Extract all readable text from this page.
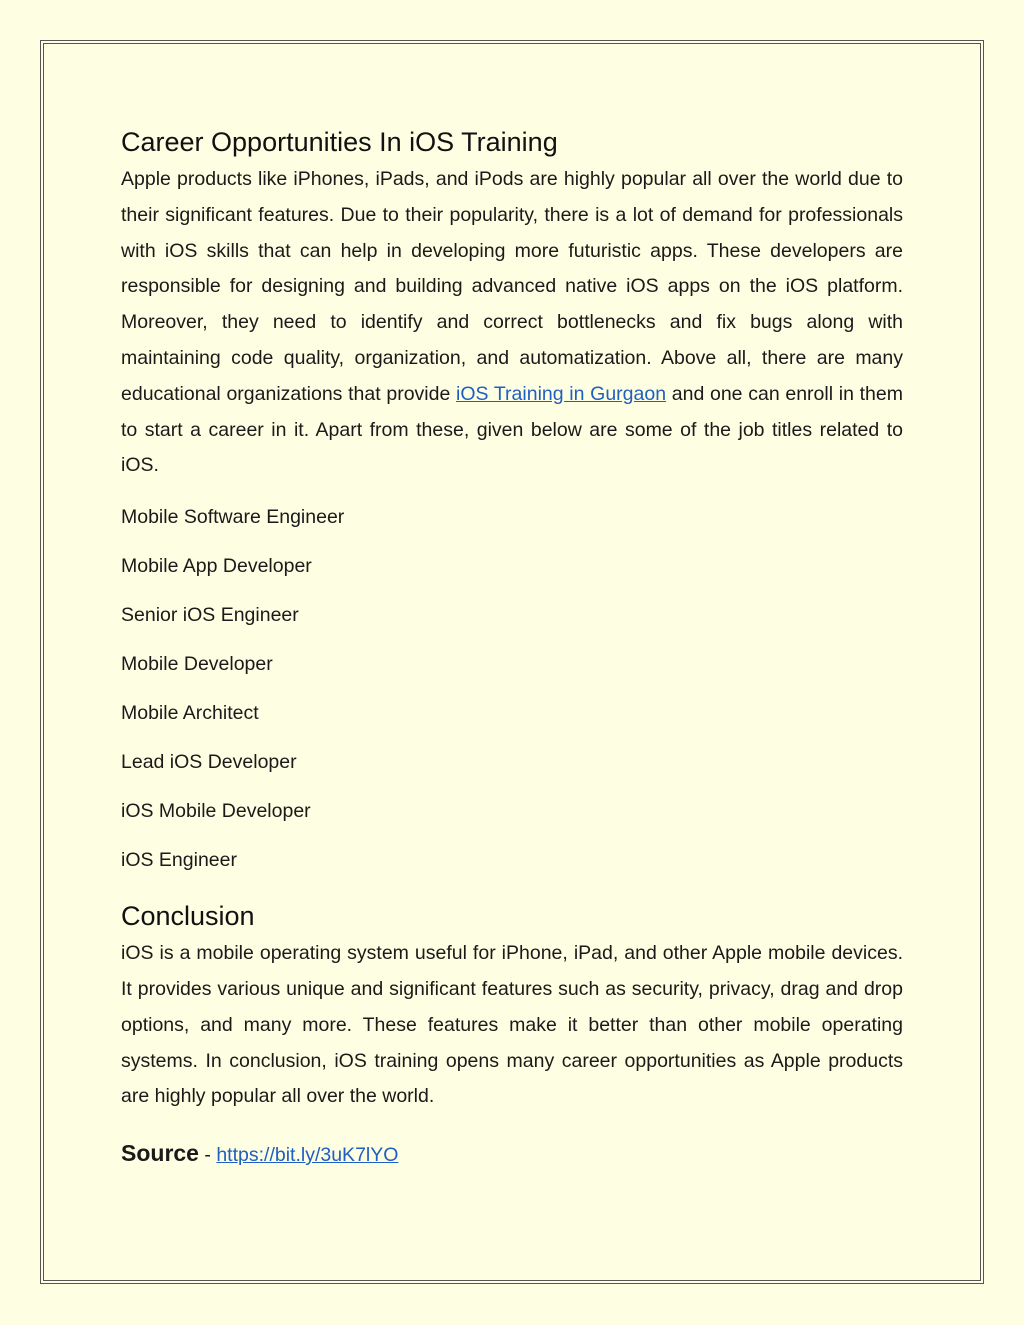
Career Opportunities In iOS Training

Apple products like iPhones, iPads, and iPods are highly popular all over the world due to their significant features. Due to their popularity, there is a lot of demand for professionals with iOS skills that can help in developing more futuristic apps. These developers are responsible for designing and building advanced native iOS apps on the iOS platform. Moreover, they need to identify and correct bottlenecks and fix bugs along with maintaining code quality, organization, and automatization. Above all, there are many educational organizations that provide iOS Training in Gurgaon and one can enroll in them to start a career in it. Apart from these, given below are some of the job titles related to iOS.

Mobile Software Engineer
Mobile App Developer
Senior iOS Engineer
Mobile Developer
Mobile Architect
Lead iOS Developer
iOS Mobile Developer
iOS Engineer
Conclusion

iOS is a mobile operating system useful for iPhone, iPad, and other Apple mobile devices. It provides various unique and significant features such as security, privacy, drag and drop options, and many more. These features make it better than other mobile operating systems. In conclusion, iOS training opens many career opportunities as Apple products are highly popular all over the world.

Source - https://bit.ly/3uK7lYO
